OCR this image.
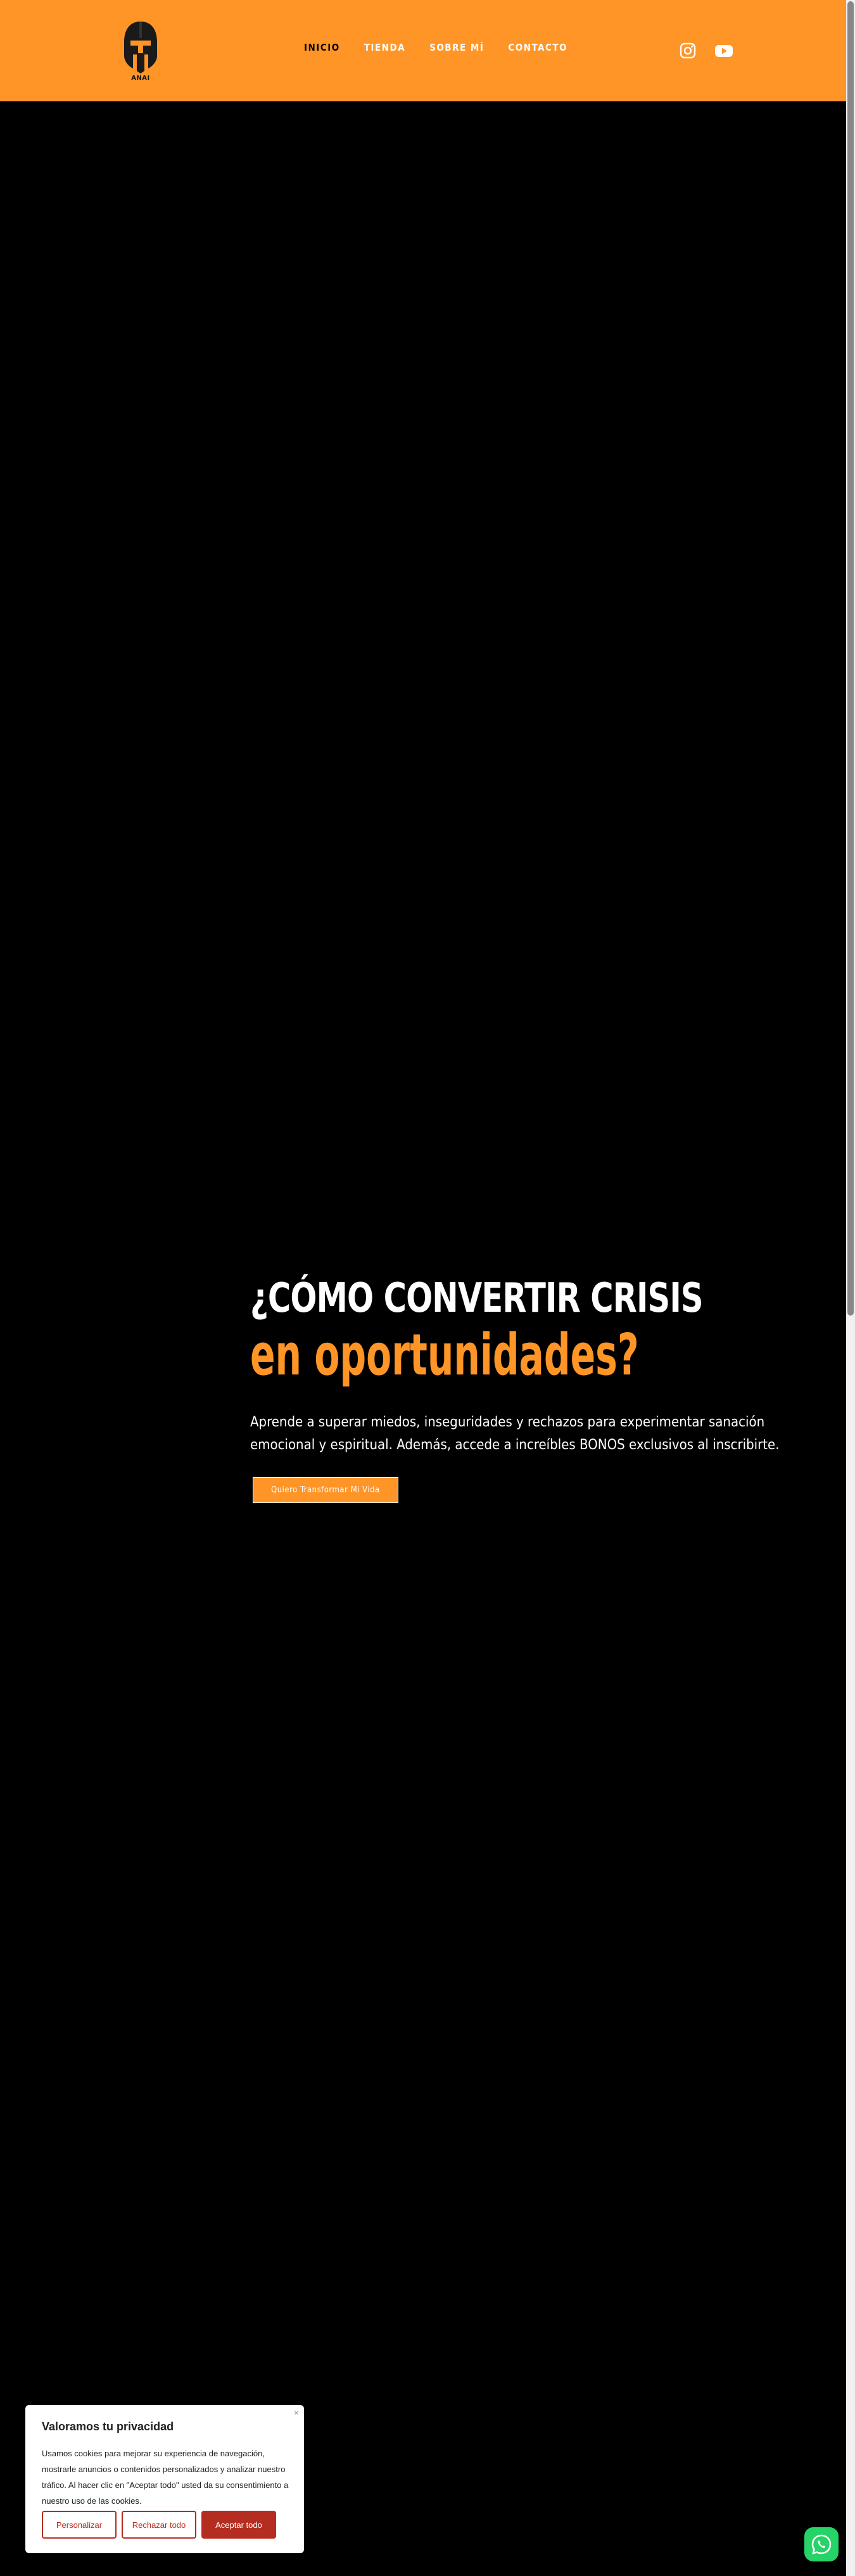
ANAI
INICIO	TIENDA	SOBRE MÍ	CONTACTO
¿CÓMO CONVERTIR CRISIS
en oportunidades?

Aprende a superar miedos, inseguridades y rechazos para experimentar sanación emocional y espiritual. Además, accede a increíbles BONOS exclusivos al inscribirte.

Quiero Transformar Mi Vida
×
Valoramos tu privacidad
Usamos cookies para mejorar su experiencia de navegación, mostrarle anuncios o contenidos personalizados y analizar nuestro tráfico. Al hacer clic en "Aceptar todo" usted da su consentimiento a nuestro uso de las cookies.
Personalizar	Rechazar todo	Aceptar todo
